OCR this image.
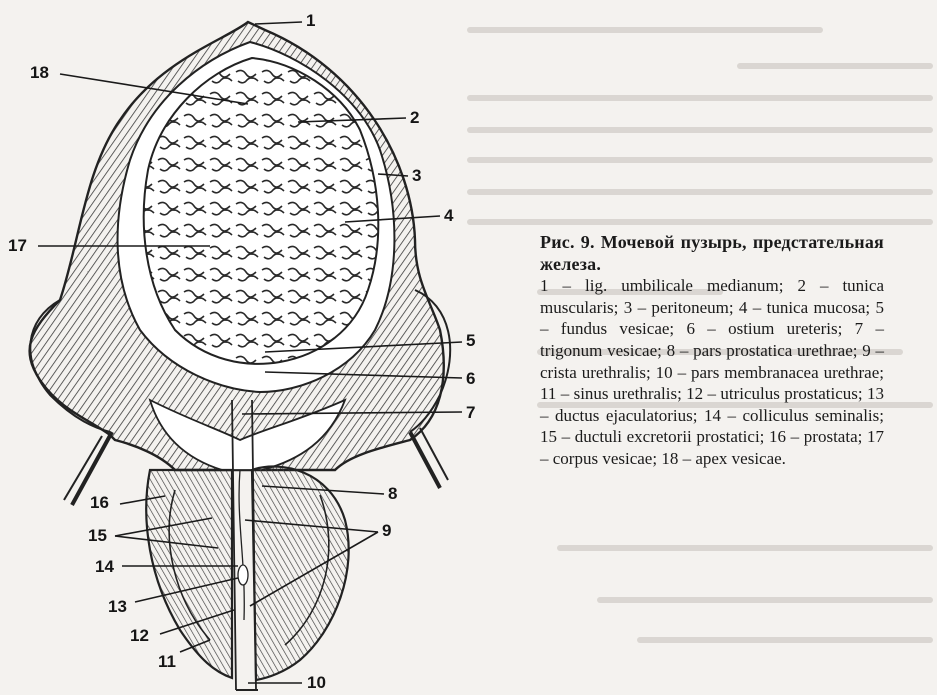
1
18
2
3
4
17
5
6
7
8
16
9
15
14
13
12
11
10
Рис. 9. Мочевой пузырь, предстательная железа.
1 – lig. umbilicale medianum; 2 – tunica muscularis; 3 – peritoneum; 4 – tunica mucosa; 5 – fundus vesicae; 6 – ostium ureteris; 7 – trigonum vesicae; 8 – pars prostatica urethrae; 9 – crista urethralis; 10 – pars membranacea urethrae; 11 – sinus urethralis; 12 – utriculus prostaticus; 13 – ductus ejaculatorius; 14 – colliculus seminalis; 15 – ductuli excretorii prostatici; 16 – prostata; 17 – corpus vesicae; 18 – apex vesicae.
